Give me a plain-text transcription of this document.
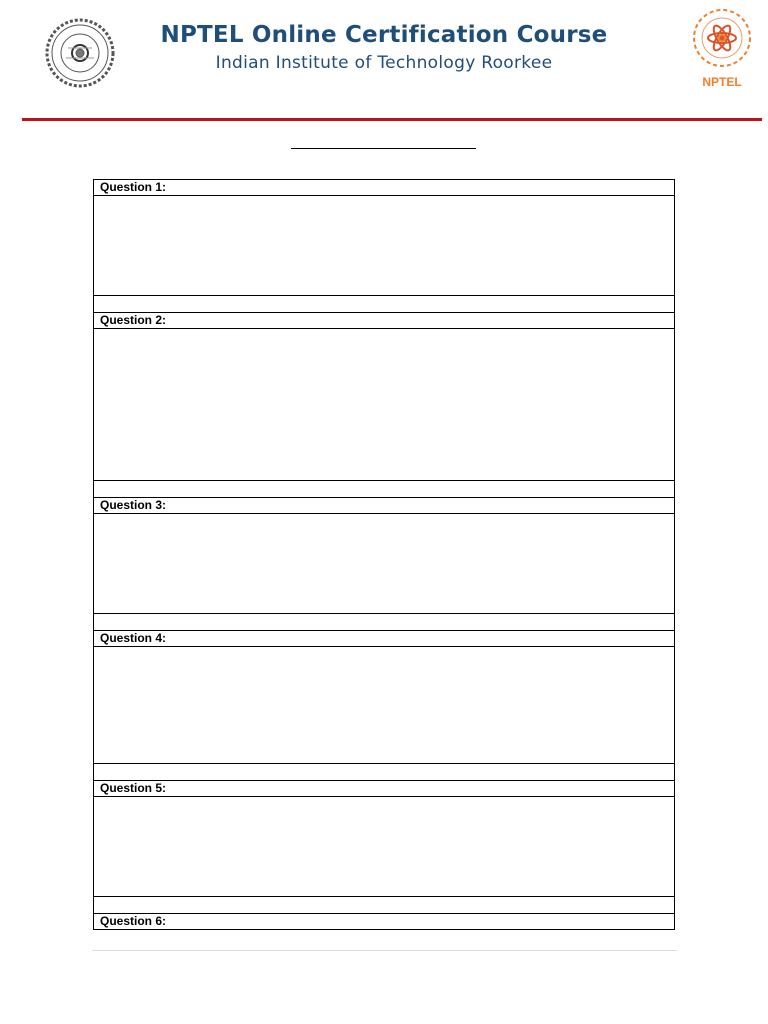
NPTEL Online Certification Course
Indian Institute of Technology Roorkee
NPTEL
Question 1:

Question 2:

Question 3:

Question 4:

Question 5:

Question 6:
